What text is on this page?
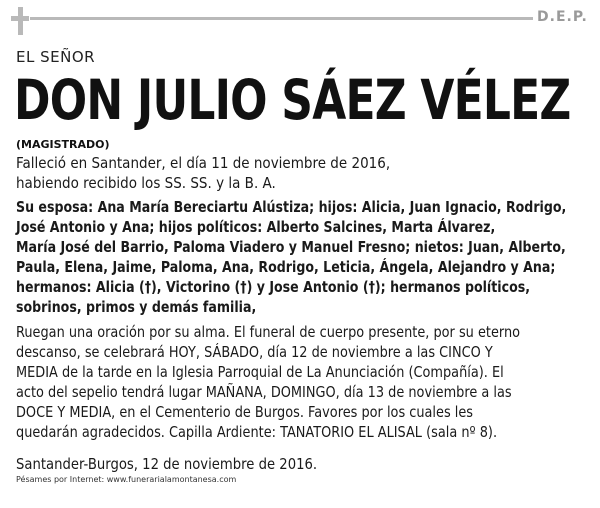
D.E.P.
EL SEÑOR
DON JULIO SÁEZ VÉLEZ
(MAGISTRADO)
Falleció en Santander, el día 11 de noviembre de 2016,
habiendo recibido los SS. SS. y la B. A.
Su esposa: Ana María Bereciartu Alústiza; hijos: Alicia, Juan Ignacio, Rodrigo,
José Antonio y Ana; hijos políticos: Alberto Salcines, Marta Álvarez,
María José del Barrio, Paloma Viadero y Manuel Fresno; nietos: Juan, Alberto,
Paula, Elena, Jaime, Paloma, Ana, Rodrigo, Leticia, Ángela, Alejandro y Ana;
hermanos: Alicia (†), Victorino (†) y Jose Antonio (†); hermanos políticos,
sobrinos, primos y demás familia,
Ruegan una oración por su alma. El funeral de cuerpo presente, por su eterno
descanso, se celebrará HOY, SÁBADO, día 12 de noviembre a las CINCO Y
MEDIA de la tarde en la Iglesia Parroquial de La Anunciación (Compañía). El
acto del sepelio tendrá lugar MAÑANA, DOMINGO, día 13 de noviembre a las
DOCE Y MEDIA, en el Cementerio de Burgos. Favores por los cuales les
quedarán agradecidos. Capilla Ardiente: TANATORIO EL ALISAL (sala nº 8).
Santander-Burgos, 12 de noviembre de 2016.
Pésames por Internet: www.funerarialamontanesa.com
